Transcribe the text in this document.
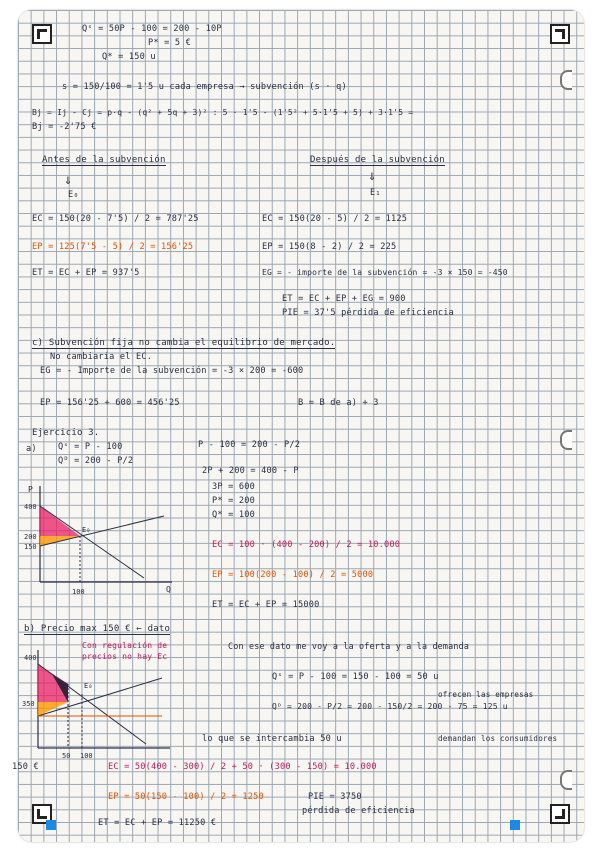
Qˢ = 50P - 100 = 200 - 10P
P* = 5 €
Q* = 150 u
s = 150/100 = 1'5 u cada empresa → subvención (s · q)
Bj = Ij - Cj = p·q - (q² + 5q + 3)² : 5 · 1'5 - (1'5² + 5·1'5 + 5) + 3·1'5 =
Bj = -2'75 €
Antes de la subvención	Después de la subvención
⇓	⇓
E₀	E₁
EC = 150(20 - 7'5) / 2 = 787'25	EC = 150(20 - 5) / 2 = 1125
EP = 125(7'5 - 5) / 2 = 156'25	EP = 150(8 - 2) / 2 = 225
ET = EC + EP = 937'5	EG = - importe de la subvención = -3 × 150 = -450
ET = EC + EP + EG = 900
PIE = 37'5 pérdida de eficiencia
c) Subvención fija no cambia el equilibrio de mercado.
No cambiaría el EC.
EG = - Importe de la subvención = -3 × 200 = -600
EP = 156'25 + 600 = 456'25	B = B de a) + 3
Ejercicio 3.
a) Qˢ = P - 100
Qᴰ = 200 - P/2
P - 100 = 200 - P/2
2P + 200 = 400 - P
3P = 600
P* = 200
Q* = 100
EC = 100 · (400 - 200) / 2 = 10.000
EP = 100(200 - 100) / 2 = 5000
ET = EC + EP = 15000
P
Q
400
200
150
100
E₀
b) Precio max 150 € ← dato
Con regulación de precios no hay Ec
Con ese dato me voy a la oferta y a la demanda
Qˢ = P - 100 = 150 - 100 = 50 u
Qᴰ = 200 - P/2 = 200 - 150/2 = 200 - 75 = 125 u
ofrecen las empresas
lo que se intercambia 50 u	demandan los consumidores
EC = 50(400 - 300) / 2 + 50 · (300 - 150) = 10.000
EP = 50(150 - 100) / 2 = 1250	PIE = 3750
pérdida de eficiencia
ET = EC + EP = 11250 €
150 €
400
350
50 100
E₀
